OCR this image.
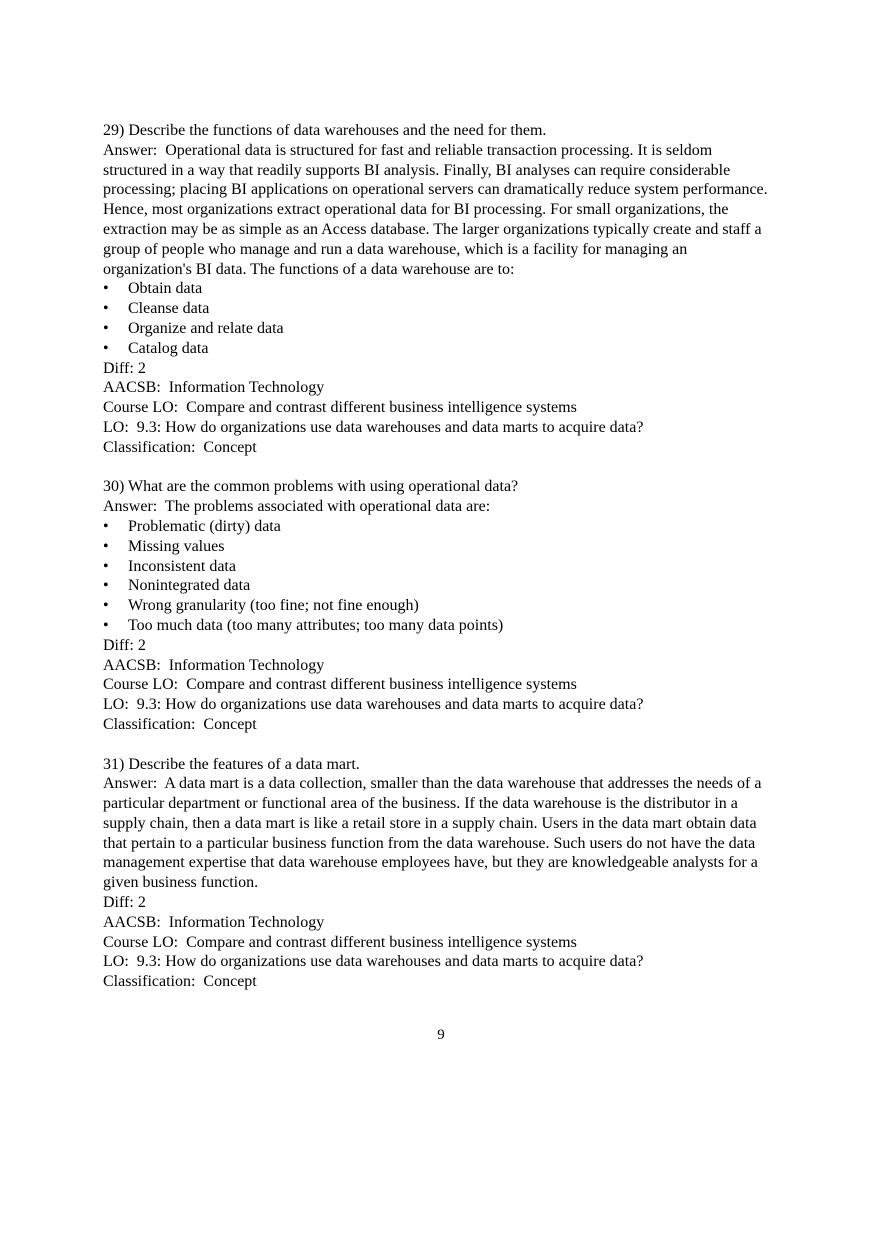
29) Describe the functions of data warehouses and the need for them.

Answer:  Operational data is structured for fast and reliable transaction processing. It is seldom structured in a way that readily supports BI analysis. Finally, BI analyses can require considerable processing; placing BI applications on operational servers can dramatically reduce system performance. Hence, most organizations extract operational data for BI processing. For small organizations, the extraction may be as simple as an Access database. The larger organizations typically create and staff a group of people who manage and run a data warehouse, which is a facility for managing an organization's BI data. The functions of a data warehouse are to:

•	Obtain data
•	Cleanse data
•	Organize and relate data
•	Catalog data
Diff: 2
AACSB:  Information Technology
Course LO:  Compare and contrast different business intelligence systems
LO:  9.3: How do organizations use data warehouses and data marts to acquire data?
Classification:  Concept

30) What are the common problems with using operational data?

Answer:  The problems associated with operational data are:

•	Problematic (dirty) data
•	Missing values
•	Inconsistent data
•	Nonintegrated data
•	Wrong granularity (too fine; not fine enough)
•	Too much data (too many attributes; too many data points)
Diff: 2
AACSB:  Information Technology
Course LO:  Compare and contrast different business intelligence systems
LO:  9.3: How do organizations use data warehouses and data marts to acquire data?
Classification:  Concept

31) Describe the features of a data mart.

Answer:  A data mart is a data collection, smaller than the data warehouse that addresses the needs of a particular department or functional area of the business. If the data warehouse is the distributor in a supply chain, then a data mart is like a retail store in a supply chain. Users in the data mart obtain data that pertain to a particular business function from the data warehouse. Such users do not have the data management expertise that data warehouse employees have, but they are knowledgeable analysts for a given business function.

Diff: 2
AACSB:  Information Technology
Course LO:  Compare and contrast different business intelligence systems
LO:  9.3: How do organizations use data warehouses and data marts to acquire data?
Classification:  Concept
9
